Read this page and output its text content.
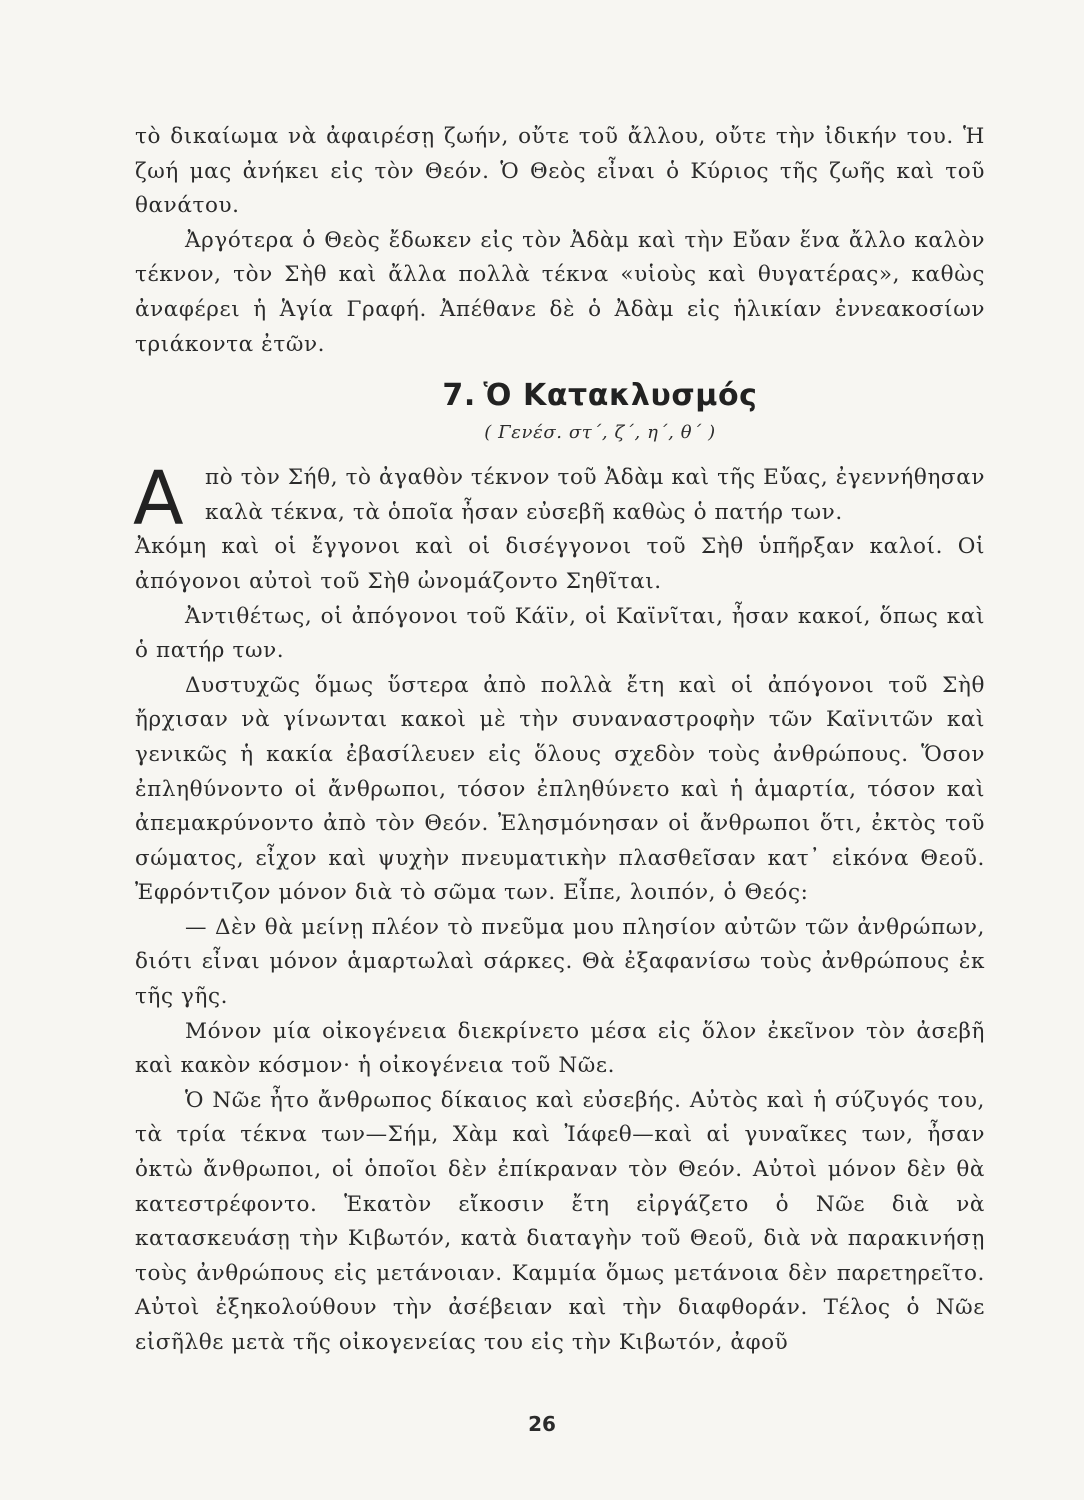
τὸ δικαίωμα νὰ ἀφαιρέσῃ ζωήν, οὔτε τοῦ ἄλλου, οὔτε τὴν ἰδικήν του. Ἡ ζωή μας ἀνήκει εἰς τὸν Θεόν. Ὁ Θεὸς εἶναι ὁ Κύριος τῆς ζωῆς καὶ τοῦ θανάτου.

Ἀργότερα ὁ Θεὸς ἔδωκεν εἰς τὸν Ἀδὰμ καὶ τὴν Εὔαν ἕνα ἄλλο καλὸν τέκνον, τὸν Σὴθ καὶ ἄλλα πολλὰ τέκνα «υἱοὺς καὶ θυγατέρας», καθὼς ἀναφέρει ἡ Ἁγία Γραφή. Ἀπέθανε δὲ ὁ Ἀδὰμ εἰς ἡλικίαν ἐννεακοσίων τριάκοντα ἐτῶν.

7. Ὁ Κατακλυσμός
( Γενέσ. στ΄, ζ΄, η΄, θ΄ )
Α πὸ τὸν Σήθ, τὸ ἀγαθὸν τέκνον τοῦ Ἀδὰμ καὶ τῆς Εὔας, ἐγεννήθησαν καλὰ τέκνα, τὰ ὁποῖα ἦσαν εὐσεβῆ καθὼς ὁ πατήρ των.

Ἀκόμη καὶ οἱ ἔγγονοι καὶ οἱ δισέγγονοι τοῦ Σὴθ ὑπῆρξαν καλοί. Οἱ ἀπόγονοι αὐτοὶ τοῦ Σὴθ ὠνομάζοντο Σηθῖται.

Ἀντιθέτως, οἱ ἀπόγονοι τοῦ Κάϊν, οἱ Καϊνῖται, ἦσαν κακοί, ὅπως καὶ ὁ πατήρ των.

Δυστυχῶς ὅμως ὕστερα ἀπὸ πολλὰ ἔτη καὶ οἱ ἀπόγονοι τοῦ Σὴθ ἤρχισαν νὰ γίνωνται κακοὶ μὲ τὴν συναναστροφὴν τῶν Καϊνιτῶν καὶ γενικῶς ἡ κακία ἐβασίλευεν εἰς ὅλους σχεδὸν τοὺς ἀνθρώπους. Ὅσον ἐπληθύνοντο οἱ ἄνθρωποι, τόσον ἐπληθύνετο καὶ ἡ ἁμαρτία, τόσον καὶ ἀπεμακρύνοντο ἀπὸ τὸν Θεόν. Ἐλησμόνησαν οἱ ἄνθρωποι ὅτι, ἐκτὸς τοῦ σώματος, εἶχον καὶ ψυχὴν πνευματικὴν πλασθεῖσαν κατ᾿ εἰκόνα Θεοῦ. Ἐφρόντιζον μόνον διὰ τὸ σῶμα των. Εἶπε, λοιπόν, ὁ Θεός:

— Δὲν θὰ μείνῃ πλέον τὸ πνεῦμα μου πλησίον αὐτῶν τῶν ἀνθρώπων, διότι εἶναι μόνον ἁμαρτωλαὶ σάρκες. Θὰ ἐξαφανίσω τοὺς ἀνθρώπους ἐκ τῆς γῆς.

Μόνον μία οἰκογένεια διεκρίνετο μέσα εἰς ὅλον ἐκεῖνον τὸν ἀσεβῆ καὶ κακὸν κόσμον· ἡ οἰκογένεια τοῦ Νῶε.

Ὁ Νῶε ἦτο ἄνθρωπος δίκαιος καὶ εὐσεβής. Αὐτὸς καὶ ἡ σύζυγός του, τὰ τρία τέκνα των—Σήμ, Χὰμ καὶ Ἰάφεθ—καὶ αἱ γυναῖκες των, ἦσαν ὀκτὼ ἄνθρωποι, οἱ ὁποῖοι δὲν ἐπίκραναν τὸν Θεόν. Αὐτοὶ μόνον δὲν θὰ κατεστρέφοντο. Ἑκατὸν εἴκοσιν ἔτη εἰργάζετο ὁ Νῶε διὰ νὰ κατασκευάσῃ τὴν Κιβωτόν, κατὰ διαταγὴν τοῦ Θεοῦ, διὰ νὰ παρακινήσῃ τοὺς ἀνθρώπους εἰς μετάνοιαν. Καμμία ὅμως μετάνοια δὲν παρετηρεῖτο. Αὐτοὶ ἐξηκολούθουν τὴν ἀσέβειαν καὶ τὴν διαφθοράν. Τέλος ὁ Νῶε εἰσῆλθε μετὰ τῆς οἰκογενείας του εἰς τὴν Κιβωτόν, ἀφοῦ

26
